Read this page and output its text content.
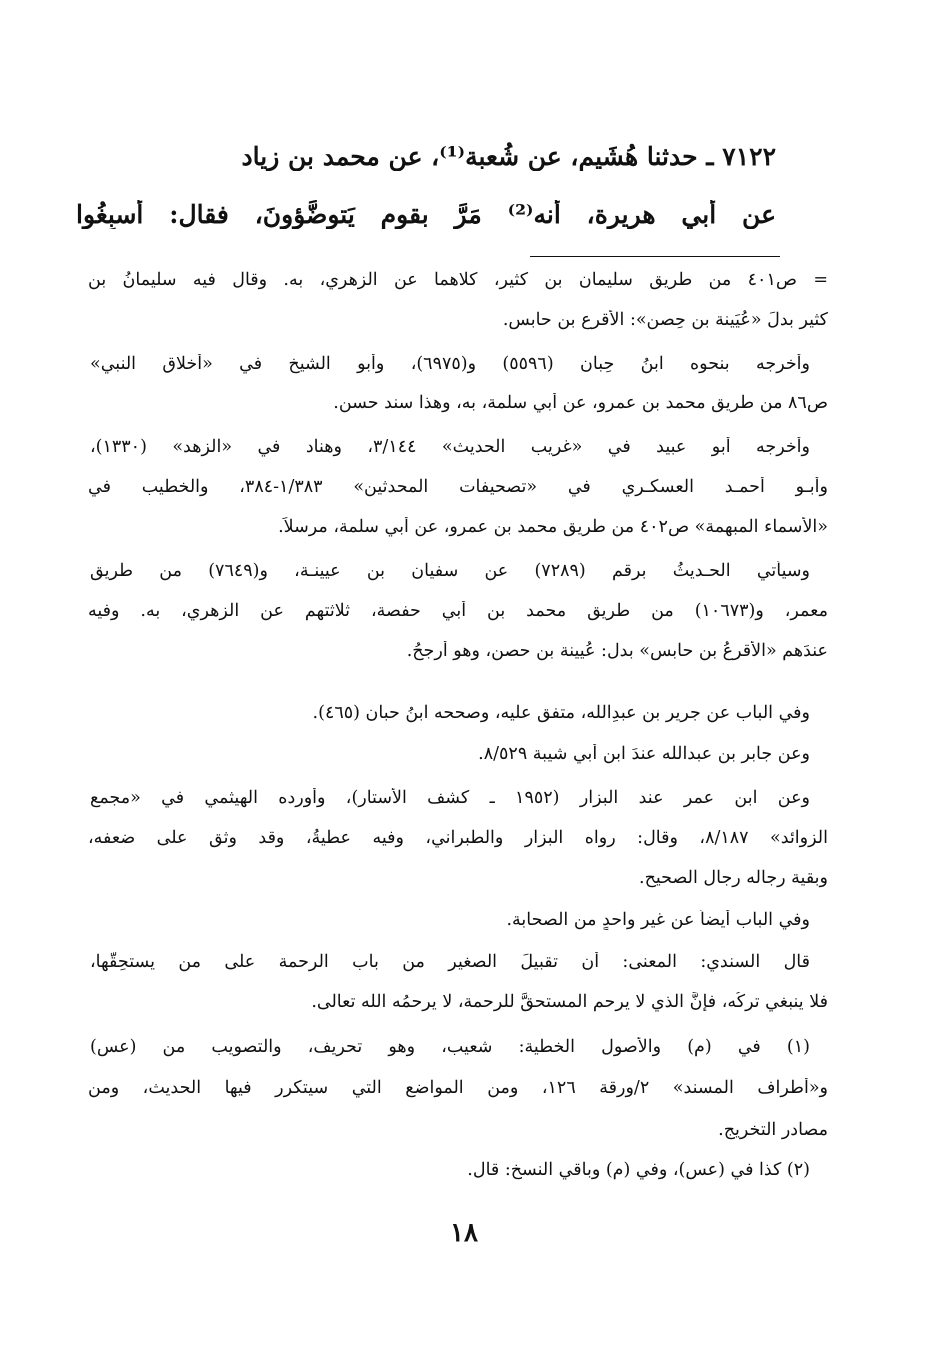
٧١٢٢ ـ حدثنا هُشَيم، عن شُعبة⁽¹⁾، عن محمد بن زياد
عن أبي هريرة، أنه⁽²⁾ مَرَّ بقومٍ يَتوضَّؤونَ، فقال: أَسبِغُوا
= ص٤٠١ من طريق سليمان بن كثير، كلاهما عن الزهري، به. وقال فيه سليمانُ بن
كثير بدلَ «عُيَينة بن حِصن»: الأقرع بن حابس.
وأخرجه بنحوه ابنُ حِبان (٥٥٩٦) و(٦٩٧٥)، وأبو الشيخ في «أخلاق النبي»
ص٨٦ من طريق محمد بن عمرو، عن أبي سلمة، به، وهذا سند حسن.
وأخرجه أبو عبيد في «غريب الحديث» ٣/١٤٤، وهناد في «الزهد» (١٣٣٠)،
وأبـو أحمـد العسكـري في «تصحيفات المحدثين» ١/٣٨٣-٣٨٤، والخطيب في
«الأسماء المبهمة» ص٤٠٢ من طريق محمد بن عمرو، عن أبي سلمة، مرسلاً.
وسيأتي الحـديثُ برقم (٧٢٨٩) عن سفيان بن عيينـة، و(٧٦٤٩) من طريق
معمر، و(١٠٦٧٣) من طريق محمد بن أبي حفصة، ثلاثتهم عن الزهري، به. وفيه
عندَهم «الأقرعُ بن حابسٍ» بدل: عُيينة بن حصن، وهو أرجحُ.
وفي الباب عن جرير بن عبدِالله، متفق عليه، وصححه ابنُ حبان (٤٦٥).
وعن جابر بن عبدالله عندَ ابن أبي شيبة ٨/٥٢٩.
وعن ابن عمر عند البزار (١٩٥٢ ـ كشف الأستار)، وأورده الهيثمي في «مجمع
الزوائد» ٨/١٨٧، وقال: رواه البزار والطبراني، وفيه عطيةُ، وقد وثق على ضعفه،
وبقية رجاله رجال الصحيح.
وفي الباب أيضاً عن غير واحدٍ من الصحابة.
قال السندي: المعنى: أن تقبيلَ الصغير من باب الرحمة على من يستحِقُّها،
فلا ينبغي تركُه، فإنَّ الذي لا يرحم المستحقَّ للرحمة، لا يرحمُه الله تعالى.
(١) في (م) والأصول الخطية: شعيب، وهو تحريف، والتصويب من (عس)
و«أطراف المسند» ٢/ورقة ١٢٦، ومن المواضع التي سيتكرر فيها الحديث، ومن
مصادر التخريج.
(٢) كذا في (عس)، وفي (م) وباقي النسخ: قال.
١٨
